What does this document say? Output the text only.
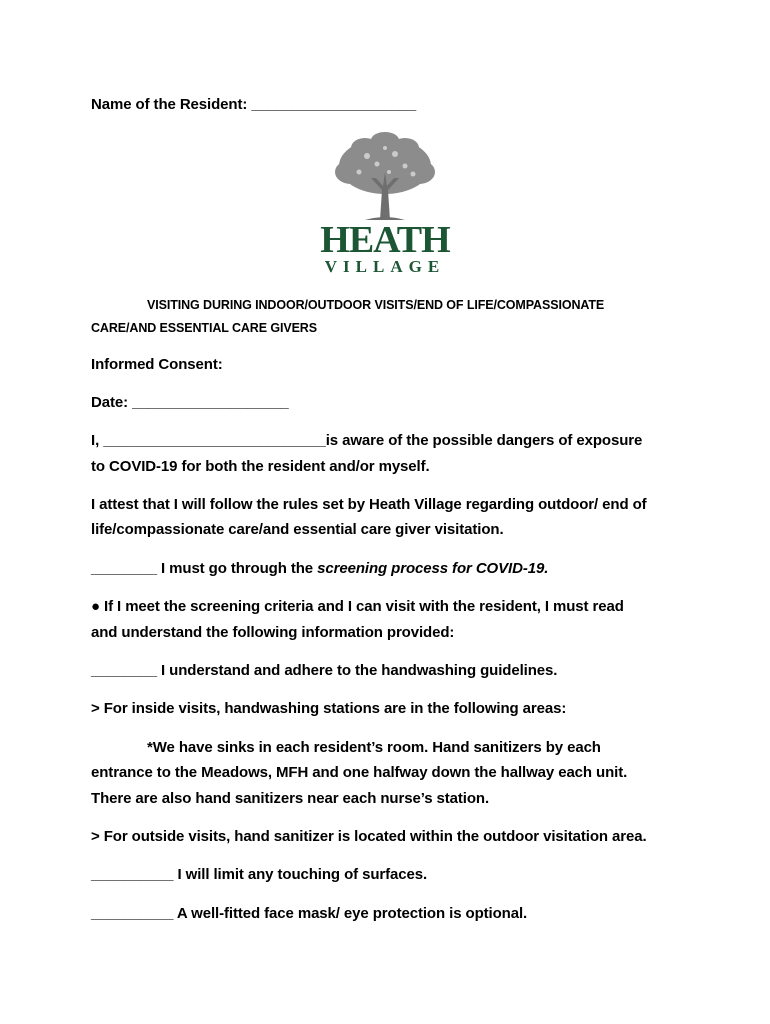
Name of the Resident: ____________________

HEATH
VILLAGE

VISITING DURING INDOOR/OUTDOOR VISITS/END OF LIFE/COMPASSIONATE

CARE/AND ESSENTIAL CARE GIVERS

Informed Consent:

Date: ___________________

I, ___________________________is aware of the possible dangers of exposure

to COVID-19 for both the resident and/or myself.

I attest that I will follow the rules set by Heath Village regarding outdoor/ end of

life/compassionate care/and essential care giver visitation.

________ I must go through the screening process for COVID-19.

● If I meet the screening criteria and I can visit with the resident, I must read

and understand the following information provided:

________ I understand and adhere to the handwashing guidelines.

> For inside visits, handwashing stations are in the following areas:

*We have sinks in each resident’s room. Hand sanitizers by each

entrance to the Meadows, MFH and one halfway down the hallway each unit.

There are also hand sanitizers near each nurse’s station.

> For outside visits, hand sanitizer is located within the outdoor visitation area.

__________ I will limit any touching of surfaces.

__________ A well-fitted face mask/ eye protection is optional.
